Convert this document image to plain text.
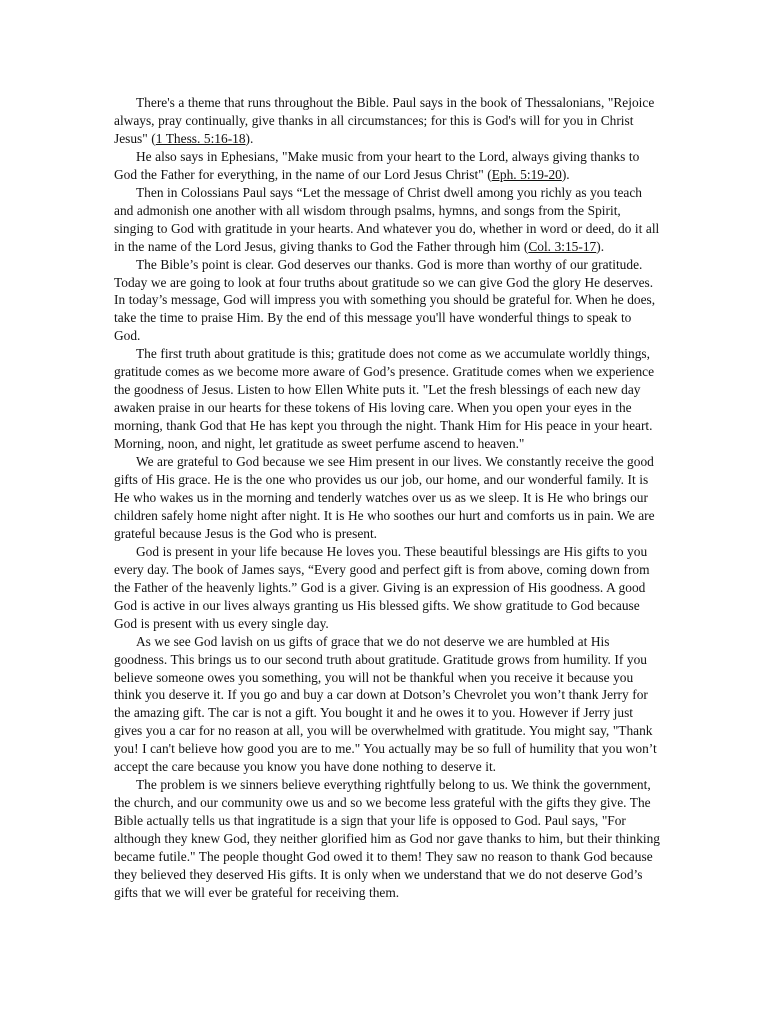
There's a theme that runs throughout the Bible. Paul says in the book of Thessalonians, "Rejoice always, pray continually, give thanks in all circumstances; for this is God's will for you in Christ Jesus" (1 Thess. 5:16-18).

He also says in Ephesians, "Make music from your heart to the Lord, always giving thanks to God the Father for everything, in the name of our Lord Jesus Christ" (Eph. 5:19-20).

Then in Colossians Paul says “Let the message of Christ dwell among you richly as you teach and admonish one another with all wisdom through psalms, hymns, and songs from the Spirit, singing to God with gratitude in your hearts. And whatever you do, whether in word or deed, do it all in the name of the Lord Jesus, giving thanks to God the Father through him (Col. 3:15-17).

The Bible’s point is clear. God deserves our thanks. God is more than worthy of our gratitude. Today we are going to look at four truths about gratitude so we can give God the glory He deserves. In today’s message, God will impress you with something you should be grateful for. When he does, take the time to praise Him. By the end of this message you'll have wonderful things to speak to God.

The first truth about gratitude is this; gratitude does not come as we accumulate worldly things, gratitude comes as we become more aware of God’s presence. Gratitude comes when we experience the goodness of Jesus. Listen to how Ellen White puts it. "Let the fresh blessings of each new day awaken praise in our hearts for these tokens of His loving care. When you open your eyes in the morning, thank God that He has kept you through the night. Thank Him for His peace in your heart. Morning, noon, and night, let gratitude as sweet perfume ascend to heaven."

We are grateful to God because we see Him present in our lives. We constantly receive the good gifts of His grace. He is the one who provides us our job, our home, and our wonderful family. It is He who wakes us in the morning and tenderly watches over us as we sleep. It is He who brings our children safely home night after night. It is He who soothes our hurt and comforts us in pain. We are grateful because Jesus is the God who is present.

God is present in your life because He loves you. These beautiful blessings are His gifts to you every day. The book of James says, “Every good and perfect gift is from above, coming down from the Father of the heavenly lights.” God is a giver. Giving is an expression of His goodness. A good God is active in our lives always granting us His blessed gifts. We show gratitude to God because God is present with us every single day.

As we see God lavish on us gifts of grace that we do not deserve we are humbled at His goodness. This brings us to our second truth about gratitude. Gratitude grows from humility. If you believe someone owes you something, you will not be thankful when you receive it because you think you deserve it. If you go and buy a car down at Dotson’s Chevrolet you won’t thank Jerry for the amazing gift. The car is not a gift. You bought it and he owes it to you. However if Jerry just gives you a car for no reason at all, you will be overwhelmed with gratitude. You might say, "Thank you! I can't believe how good you are to me." You actually may be so full of humility that you won’t accept the care because you know you have done nothing to deserve it.

The problem is we sinners believe everything rightfully belong to us. We think the government, the church, and our community owe us and so we become less grateful with the gifts they give. The Bible actually tells us that ingratitude is a sign that your life is opposed to God. Paul says, "For although they knew God, they neither glorified him as God nor gave thanks to him, but their thinking became futile." The people thought God owed it to them! They saw no reason to thank God because they believed they deserved His gifts. It is only when we understand that we do not deserve God’s gifts that we will ever be grateful for receiving them.
